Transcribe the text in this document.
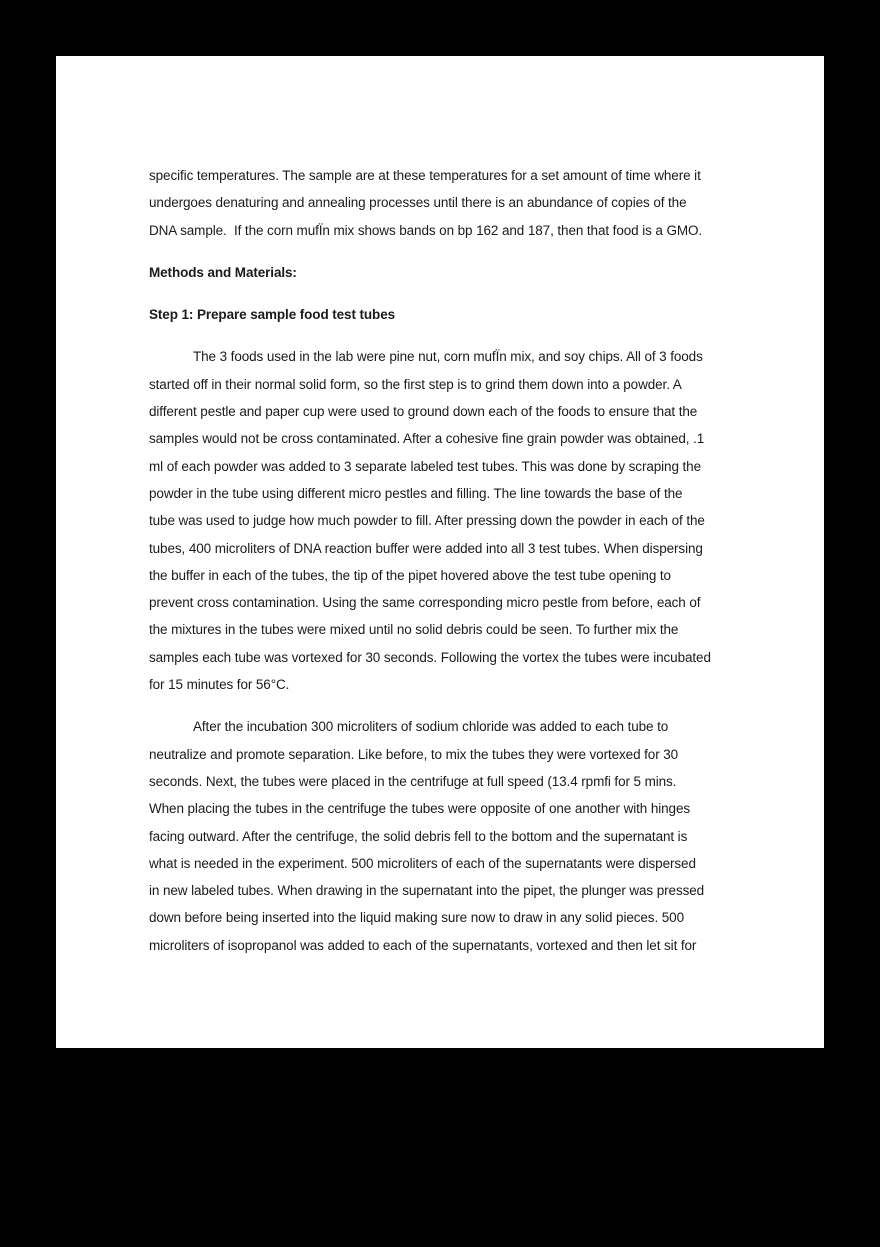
specific temperatures. The sample are at these temperatures for a set amount of time where it
undergoes denaturing and annealing processes until there is an abundance of copies of the
DNA sample.  If the corn mufÏn mix shows bands on bp 162 and 187, then that food is a GMO.
Methods and Materials:
Step 1: Prepare sample food test tubes
The 3 foods used in the lab were pine nut, corn mufÏn mix, and soy chips. All of 3 foods
started off in their normal solid form, so the first step is to grind them down into a powder. A
different pestle and paper cup were used to ground down each of the foods to ensure that the
samples would not be cross contaminated. After a cohesive fine grain powder was obtained, .1
ml of each powder was added to 3 separate labeled test tubes. This was done by scraping the
powder in the tube using different micro pestles and filling. The line towards the base of the
tube was used to judge how much powder to fill. After pressing down the powder in each of the
tubes, 400 microliters of DNA reaction buffer were added into all 3 test tubes. When dispersing
the buffer in each of the tubes, the tip of the pipet hovered above the test tube opening to
prevent cross contamination. Using the same corresponding micro pestle from before, each of
the mixtures in the tubes were mixed until no solid debris could be seen. To further mix the
samples each tube was vortexed for 30 seconds. Following the vortex the tubes were incubated
for 15 minutes for 56°C.
After the incubation 300 microliters of sodium chloride was added to each tube to
neutralize and promote separation. Like before, to mix the tubes they were vortexed for 30
seconds. Next, the tubes were placed in the centrifuge at full speed (13.4 rpmfi for 5 mins.
When placing the tubes in the centrifuge the tubes were opposite of one another with hinges
facing outward. After the centrifuge, the solid debris fell to the bottom and the supernatant is
what is needed in the experiment. 500 microliters of each of the supernatants were dispersed
in new labeled tubes. When drawing in the supernatant into the pipet, the plunger was pressed
down before being inserted into the liquid making sure now to draw in any solid pieces. 500
microliters of isopropanol was added to each of the supernatants, vortexed and then let sit for
